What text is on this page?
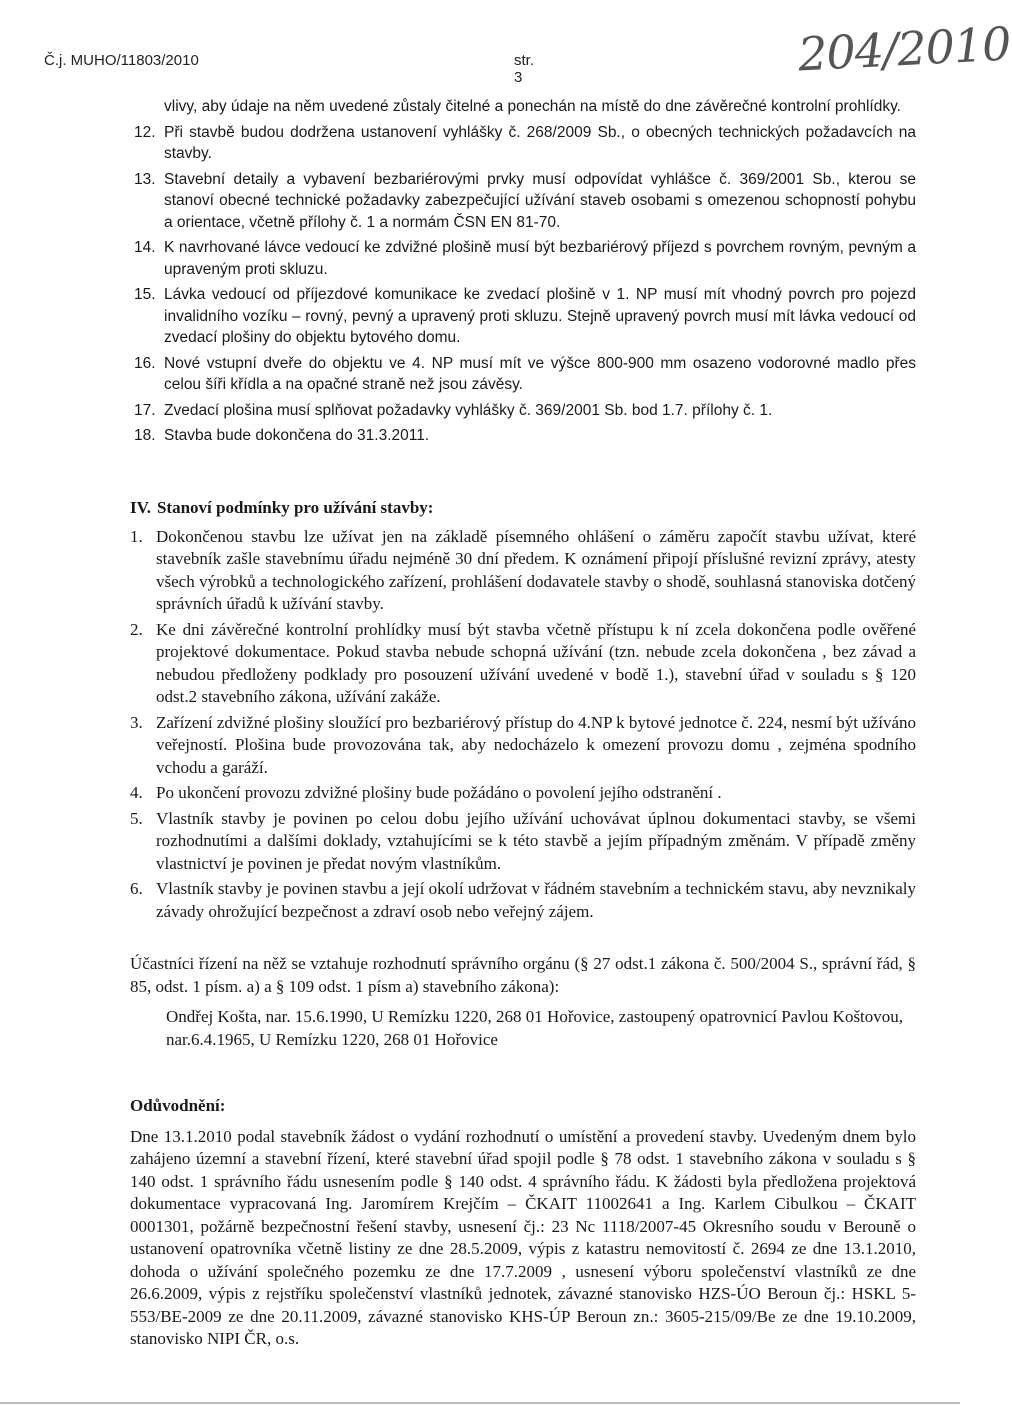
Č.j. MUHO/11803/2010	str. 3	204/2010
vlivy, aby údaje na něm uvedené zůstaly čitelné a ponechán na místě do dne závěrečné kontrolní prohlídky.
12. Při stavbě budou dodržena ustanovení vyhlášky č. 268/2009 Sb., o obecných technických požadavcích na stavby.
13. Stavební detaily a vybavení bezbariérovými prvky musí odpovídat vyhlášce č. 369/2001 Sb., kterou se stanoví obecné technické požadavky zabezpečující užívání staveb osobami s omezenou schopností pohybu a orientace, včetně přílohy č. 1 a normám ČSN EN 81-70.
14. K navrhované lávce vedoucí ke zdvižné plošině musí být bezbariérový příjezd s povrchem rovným, pevným a upraveným proti skluzu.
15. Lávka vedoucí od příjezdové komunikace ke zvedací plošině v 1. NP musí mít vhodný povrch pro pojezd invalidního vozíku – rovný, pevný a upravený proti skluzu. Stejně upravený povrch musí mít lávka vedoucí od zvedací plošiny do objektu bytového domu.
16. Nové vstupní dveře do objektu ve 4. NP musí mít ve výšce 800-900 mm osazeno vodorovné madlo přes celou šíři křídla a na opačné straně než jsou závěsy.
17. Zvedací plošina musí splňovat požadavky vyhlášky č. 369/2001 Sb. bod 1.7. přílohy č. 1.
18. Stavba bude dokončena do 31.3.2011.
IV. Stanoví podmínky pro užívání stavby:
1. Dokončenou stavbu lze užívat jen na základě písemného ohlášení o záměru započít stavbu užívat, které stavebník zašle stavebnímu úřadu nejméně 30 dní předem. K oznámení připojí příslušné revizní zprávy, atesty všech výrobků a technologického zařízení, prohlášení dodavatele stavby o shodě, souhlasná stanoviska dotčený správních úřadů k užívání stavby.
2. Ke dni závěrečné kontrolní prohlídky musí být stavba včetně přístupu k ní zcela dokončena podle ověřené projektové dokumentace. Pokud stavba nebude schopná užívání (tzn. nebude zcela dokončena , bez závad a nebudou předloženy podklady pro posouzení užívání uvedené v bodě 1.), stavební úřad v souladu s § 120 odst.2 stavebního zákona, užívání zakáže.
3. Zařízení zdvižné plošiny sloužící pro bezbariérový přístup do 4.NP k bytové jednotce č. 224, nesmí být užíváno veřejností. Plošina bude provozována tak, aby nedocházelo k omezení provozu domu , zejména spodního vchodu a garáží.
4. Po ukončení provozu zdvižné plošiny bude požádáno o povolení jejího odstranění .
5. Vlastník stavby je povinen po celou dobu jejího užívání uchovávat úplnou dokumentaci stavby, se všemi rozhodnutími a dalšími doklady, vztahujícími se k této stavbě a jejím případným změnám. V případě změny vlastnictví je povinen je předat novým vlastníkům.
6. Vlastník stavby je povinen stavbu a její okolí udržovat v řádném stavebním a technickém stavu, aby nevznikaly závady ohrožující bezpečnost a zdraví osob nebo veřejný zájem.
Účastníci řízení na něž se vztahuje rozhodnutí správního orgánu (§ 27 odst.1 zákona č. 500/2004 S., správní řád, § 85, odst. 1 písm. a) a § 109 odst. 1 písm a) stavebního zákona):
Ondřej Košta, nar. 15.6.1990, U Remízku 1220, 268 01 Hořovice, zastoupený opatrovnicí Pavlou Koštovou, nar.6.4.1965, U Remízku 1220, 268 01 Hořovice
Odůvodnění:
Dne 13.1.2010 podal stavebník žádost o vydání rozhodnutí o umístění a provedení stavby. Uvedeným dnem bylo zahájeno územní a stavební řízení, které stavební úřad spojil podle § 78 odst. 1 stavebního zákona v souladu s § 140 odst. 1 správního řádu usnesením podle § 140 odst. 4 správního řádu. K žádosti byla předložena projektová dokumentace vypracovaná Ing. Jaromírem Krejčím – ČKAIT 11002641 a Ing. Karlem Cibulkou – ČKAIT 0001301, požárně bezpečnostní řešení stavby, usnesení čj.: 23 Nc 1118/2007-45 Okresního soudu v Berouně o ustanovení opatrovníka včetně listiny ze dne 28.5.2009, výpis z katastru nemovitostí č. 2694 ze dne 13.1.2010, dohoda o užívání společného pozemku ze dne 17.7.2009 , usnesení výboru společenství vlastníků ze dne 26.6.2009, výpis z rejstříku společenství vlastníků jednotek, závazné stanovisko HZS-ÚO Beroun čj.: HSKL 5-553/BE-2009 ze dne 20.11.2009, závazné stanovisko KHS-ÚP Beroun zn.: 3605-215/09/Be ze dne 19.10.2009, stanovisko NIPI ČR, o.s.
